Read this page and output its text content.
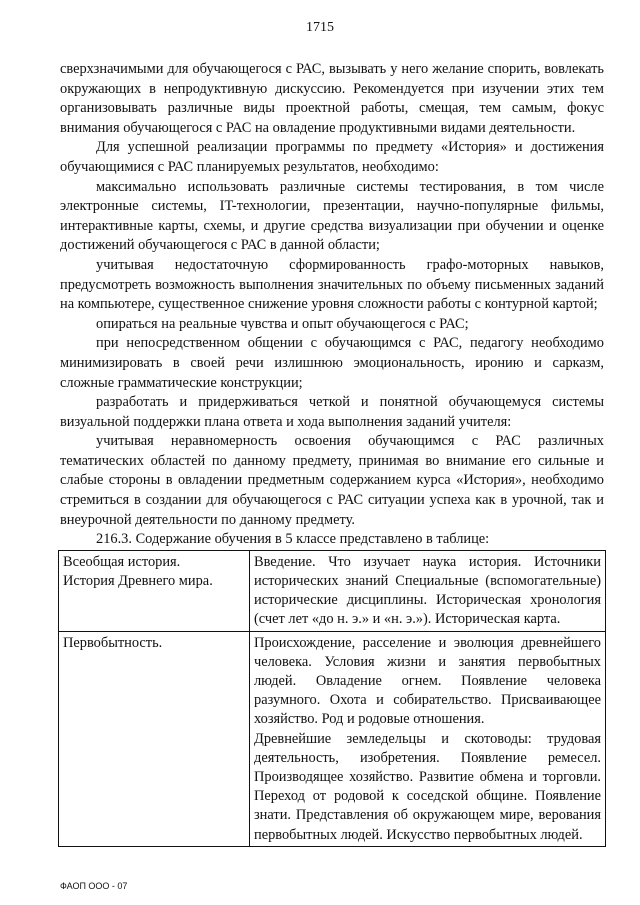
1715

сверхзначимыми для обучающегося с РАС, вызывать у него желание спорить, вовлекать окружающих в непродуктивную дискуссию. Рекомендуется при изучении этих тем организовывать различные виды проектной работы, смещая, тем самым, фокус внимания обучающегося с РАС на овладение продуктивными видами деятельности.

Для успешной реализации программы по предмету «История» и достижения обучающимися с РАС планируемых результатов, необходимо:

максимально использовать различные системы тестирования, в том числе электронные системы, IT-технологии, презентации, научно-популярные фильмы, интерактивные карты, схемы, и другие средства визуализации при обучении и оценке достижений обучающегося с РАС в данной области;

учитывая недостаточную сформированность графо-моторных навыков, предусмотреть возможность выполнения значительных по объему письменных заданий на компьютере, существенное снижение уровня сложности работы с контурной картой;

опираться на реальные чувства и опыт обучающегося с РАС;

при непосредственном общении с обучающимся с РАС, педагогу необходимо минимизировать в своей речи излишнюю эмоциональность, иронию и сарказм, сложные грамматические конструкции;

разработать и придерживаться четкой и понятной обучающемуся системы визуальной поддержки плана ответа и хода выполнения заданий учителя:

учитывая неравномерность освоения обучающимся с РАС различных тематических областей по данному предмету, принимая во внимание его сильные и слабые стороны в овладении предметным содержанием курса «История», необходимо стремиться в создании для обучающегося с РАС ситуации успеха как в урочной, так и внеурочной деятельности по данному предмету.

216.3. Содержание обучения в 5 классе представлено в таблице:

Всеобщая история.
История Древнего мира.	Введение. Что изучает наука история. Источники исторических знаний Специальные (вспомогательные) исторические дисциплины. Историческая хронология (счет лет «до н. э.» и «н. э.»). Историческая карта.

Первобытность.	Происхождение, расселение и эволюция древнейшего человека. Условия жизни и занятия первобытных людей. Овладение огнем. Появление человека разумного. Охота и собирательство. Присваивающее хозяйство. Род и родовые отношения.
Древнейшие земледельцы и скотоводы: трудовая деятельность, изобретения. Появление ремесел. Производящее хозяйство. Развитие обмена и торговли. Переход от родовой к соседской общине. Появление знати. Представления об окружающем мире, верования первобытных людей. Искусство первобытных людей.
ФАОП ООО - 07
